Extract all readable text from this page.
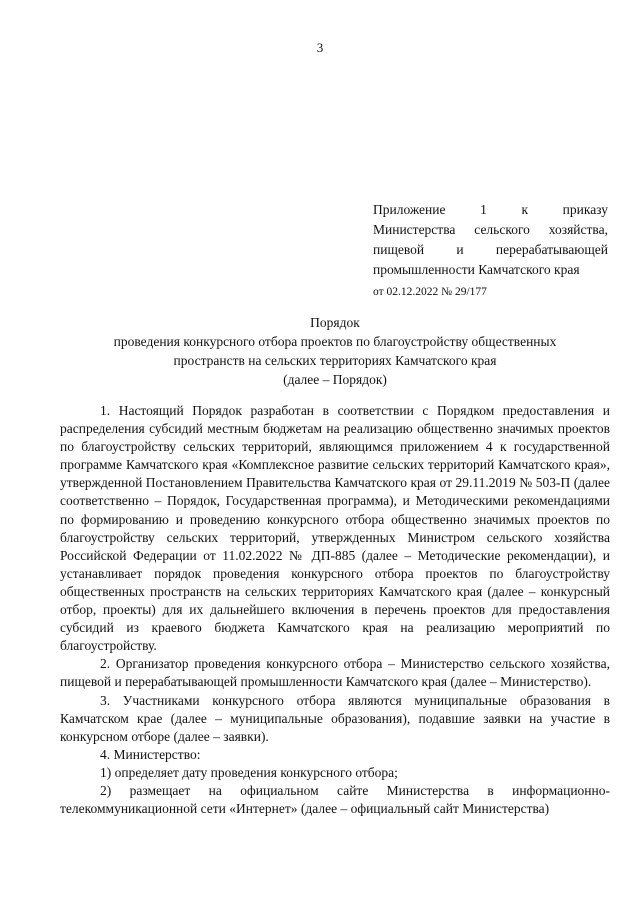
3
Приложение 1 к приказу
Министерства сельского хозяйства,
пищевой и перерабатывающей
промышленности Камчатского края
от 02.12.2022 № 29/177
Порядок
проведения конкурсного отбора проектов по благоустройству общественных
пространств на сельских территориях Камчатского края
(далее – Порядок)

1. Настоящий Порядок разработан в соответствии с Порядком предоставления и распределения субсидий местным бюджетам на реализацию общественно значимых проектов по благоустройству сельских территорий, являющимся приложением 4 к государственной программе Камчатского края «Комплексное развитие сельских территорий Камчатского края», утвержденной Постановлением Правительства Камчатского края от 29.11.2019 № 503-П (далее соответственно – Порядок, Государственная программа), и Методическими рекомендациями по формированию и проведению конкурсного отбора общественно значимых проектов по благоустройству сельских территорий, утвержденных Министром сельского хозяйства Российской Федерации от 11.02.2022 № ДП-885 (далее – Методические рекомендации), и устанавливает порядок проведения конкурсного отбора проектов по благоустройству общественных пространств на сельских территориях Камчатского края (далее – конкурсный отбор, проекты) для их дальнейшего включения в перечень проектов для предоставления субсидий из краевого бюджета Камчатского края на реализацию мероприятий по благоустройству.

2. Организатор проведения конкурсного отбора – Министерство сельского хозяйства, пищевой и перерабатывающей промышленности Камчатского края (далее – Министерство).

3. Участниками конкурсного отбора являются муниципальные образования в Камчатском крае (далее – муниципальные образования), подавшие заявки на участие в конкурсном отборе (далее – заявки).

4. Министерство:

1) определяет дату проведения конкурсного отбора;

2) размещает на официальном сайте Министерства в информационно-телекоммуникационной сети «Интернет» (далее – официальный сайт Министерства)
